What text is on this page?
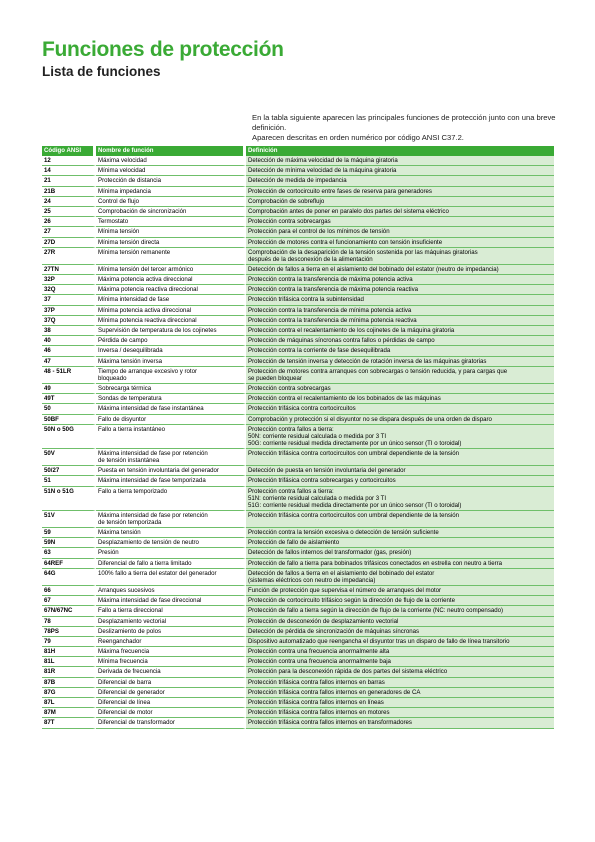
Funciones de protección
Lista de funciones

En la tabla siguiente aparecen las principales funciones de protección junto con una breve definición.

Aparecen descritas en orden numérico por código ANSI C37.2.

Código ANSI	Nombre de función	Definición
12	Máxima velocidad	Detección de máxima velocidad de la máquina giratoria

14	Mínima velocidad	Detección de mínima velocidad de la máquina giratoria

21	Protección de distancia	Detección de medida de impedancia

21B	Mínima impedancia	Protección de cortocircuito entre fases de reserva para generadores

24	Control de flujo	Comprobación de sobreflujo

25	Comprobación de sincronización	Comprobación antes de poner en paralelo dos partes del sistema eléctrico

26	Termostato	Protección contra sobrecargas

27	Mínima tensión	Protección para el control de los mínimos de tensión

27D	Mínima tensión directa	Protección de motores contra el funcionamiento con tensión insuficiente

27R	Mínima tensión remanente	Comprobación de la desaparición de la tensión sostenida por las máquinas giratorias
después de la desconexión de la alimentación

27TN	Mínima tensión del tercer armónico	Detección de fallos a tierra en el aislamiento del bobinado del estator (neutro de impedancia)

32P	Máxima potencia activa direccional	Protección contra la transferencia de máxima potencia activa

32Q	Máxima potencia reactiva direccional	Protección contra la transferencia de máxima potencia reactiva

37	Mínima intensidad de fase	Protección trifásica contra la subintensidad

37P	Mínima potencia activa direccional	Protección contra la transferencia de mínima potencia activa

37Q	Mínima potencia reactiva direccional	Protección contra la transferencia de mínima potencia reactiva

38	Supervisión de temperatura de los cojinetes	Protección contra el recalentamiento de los cojinetes de la máquina giratoria

40	Pérdida de campo	Protección de máquinas síncronas contra fallos o pérdidas de campo

46	Inversa / desequilibrada	Protección contra la corriente de fase desequilibrada

47	Máxima tensión inversa	Protección de tensión inversa y detección de rotación inversa de las máquinas giratorias

48 - 51LR	Tiempo de arranque excesivo y rotor
bloqueado	Protección de motores contra arranques con sobrecargas o tensión reducida, y para cargas que
se pueden bloquear

49	Sobrecarga térmica	Protección contra sobrecargas

49T	Sondas de temperatura	Protección contra el recalentamiento de los bobinados de las máquinas

50	Máxima intensidad de fase instantánea	Protección trifásica contra cortocircuitos

50BF	Fallo de disyuntor	Comprobación y protección si el disyuntor no se dispara después de una orden de disparo

50N o 50G	Fallo a tierra instantáneo	Protección contra fallos a tierra:
50N: corriente residual calculada o medida por 3 TI
50G: corriente residual medida directamente por un único sensor (TI o toroidal)

50V	Máxima intensidad de fase por retención
de tensión instantánea	Protección trifásica contra cortocircuitos con umbral dependiente de la tensión

50/27	Puesta en tensión involuntaria del generador	Detección de puesta en tensión involuntaria del generador

51	Máxima intensidad de fase temporizada	Protección trifásica contra sobrecargas y cortocircuitos

51N o 51G	Fallo a tierra temporizado	Protección contra fallos a tierra:
51N: corriente residual calculada o medida por 3 TI
51G: corriente residual medida directamente por un único sensor (TI o toroidal)

51V	Máxima intensidad de fase por retención
de tensión temporizada	Protección trifásica contra cortocircuitos con umbral dependiente de la tensión

59	Máxima tensión	Protección contra la tensión excesiva o detección de tensión suficiente

59N	Desplazamiento de tensión de neutro	Protección de fallo de aislamiento

63	Presión	Detección de fallos internos del transformador (gas, presión)

64REF	Diferencial de fallo a tierra limitado	Protección de fallo a tierra para bobinados trifásicos conectados en estrella con neutro a tierra

64G	100% fallo a tierra del estator del generador	Detección de fallos a tierra en el aislamiento del bobinado del estator
(sistemas eléctricos con neutro de impedancia)

66	Arranques sucesivos	Función de protección que supervisa el número de arranques del motor

67	Máxima intensidad de fase direccional	Protección de cortocircuito trifásico según la dirección de flujo de la corriente

67N/67NC	Fallo a tierra direccional	Protección de fallo a tierra según la dirección de flujo de la corriente (NC: neutro compensado)

78	Desplazamiento vectorial	Protección de desconexión de desplazamiento vectorial

78PS	Deslizamiento de polos	Detección de pérdida de sincronización de máquinas síncronas

79	Reenganchador	Dispositivo automatizado que reengancha el disyuntor tras un disparo de fallo de línea transitorio

81H	Máxima frecuencia	Protección contra una frecuencia anormalmente alta

81L	Mínima frecuencia	Protección contra una frecuencia anormalmente baja

81R	Derivada de frecuencia	Protección para la desconexión rápida de dos partes del sistema eléctrico

87B	Diferencial de barra	Protección trifásica contra fallos internos en barras

87G	Diferencial de generador	Protección trifásica contra fallos internos en generadores de CA

87L	Diferencial de línea	Protección trifásica contra fallos internos en líneas

87M	Diferencial de motor	Protección trifásica contra fallos internos en motores

87T	Diferencial de transformador	Protección trifásica contra fallos internos en transformadores
